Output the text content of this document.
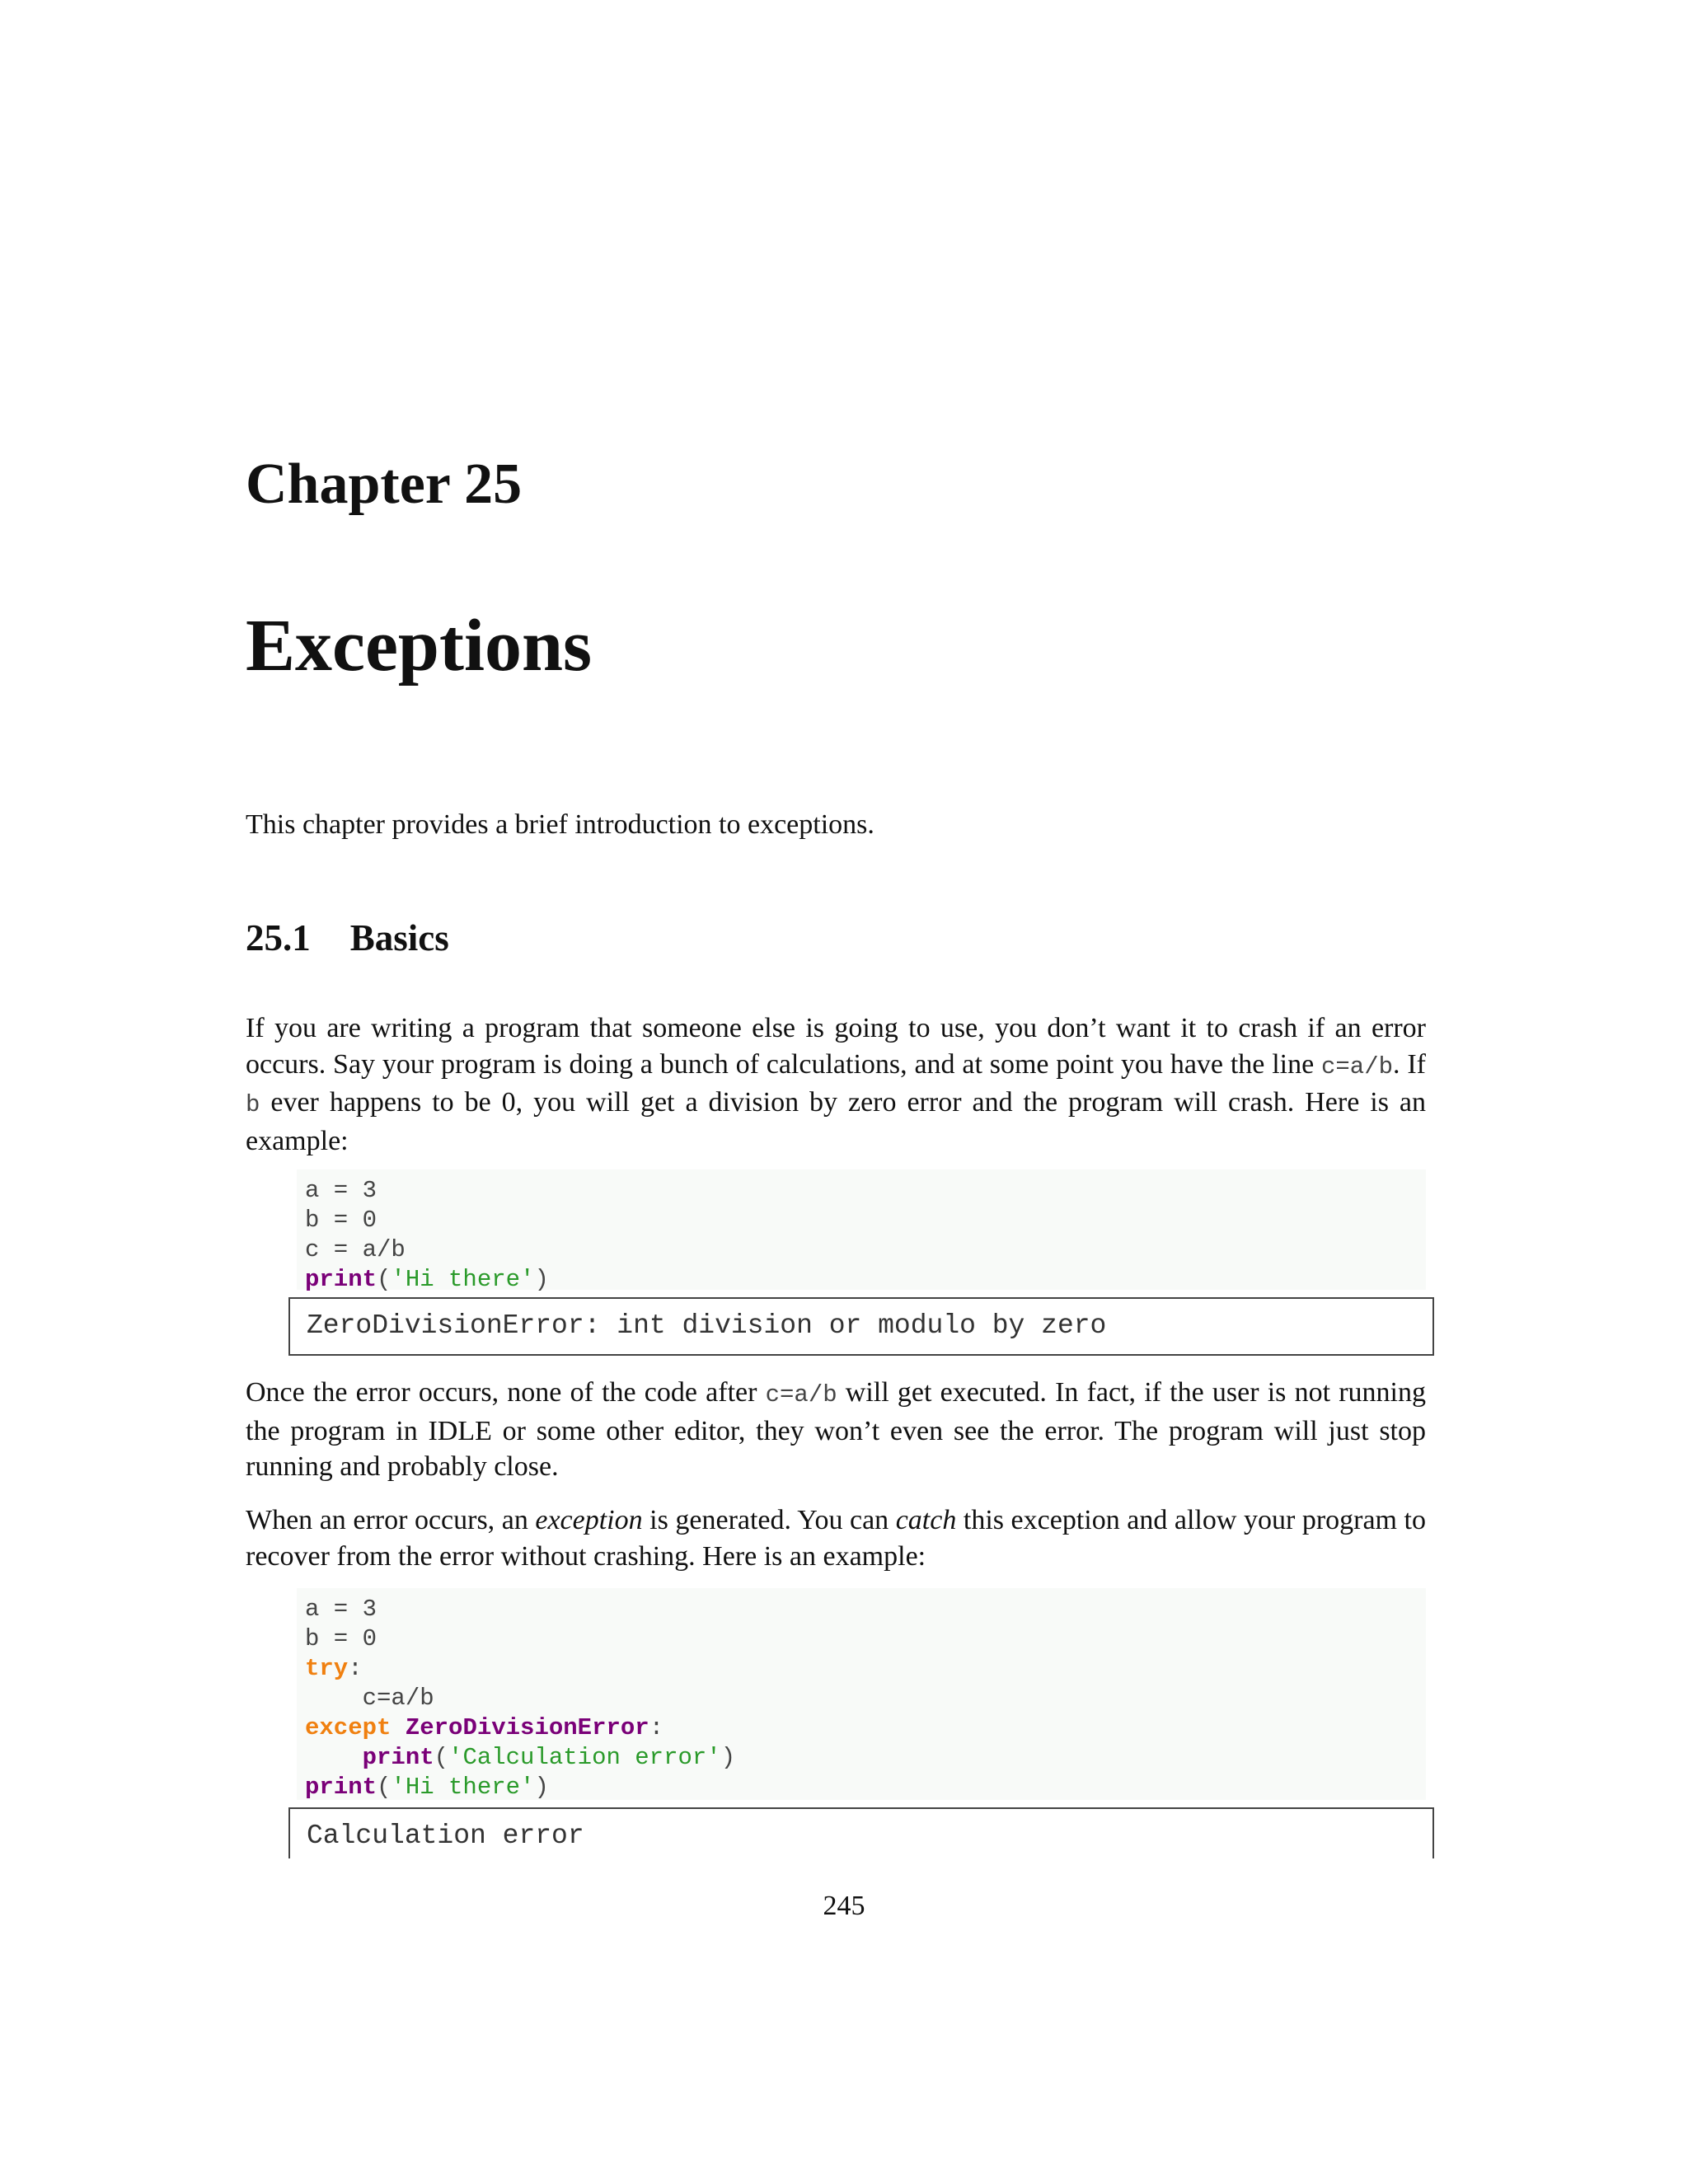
Chapter 25
Exceptions
This chapter provides a brief introduction to exceptions.
25.1 Basics
If you are writing a program that someone else is going to use, you don’t want it to crash if an error occurs. Say your program is doing a bunch of calculations, and at some point you have the line c=a/b. If b ever happens to be 0, you will get a division by zero error and the program will crash. Here is an example:
a = 3
b = 0
c = a/b
print('Hi there')
ZeroDivisionError: int division or modulo by zero
Once the error occurs, none of the code after c=a/b will get executed. In fact, if the user is not running the program in IDLE or some other editor, they won’t even see the error. The program will just stop running and probably close.
When an error occurs, an exception is generated. You can catch this exception and allow your program to recover from the error without crashing. Here is an example:
a = 3
b = 0
try:
c=a/b
except ZeroDivisionError:
print('Calculation error')
print('Hi there')
Calculation error
245
